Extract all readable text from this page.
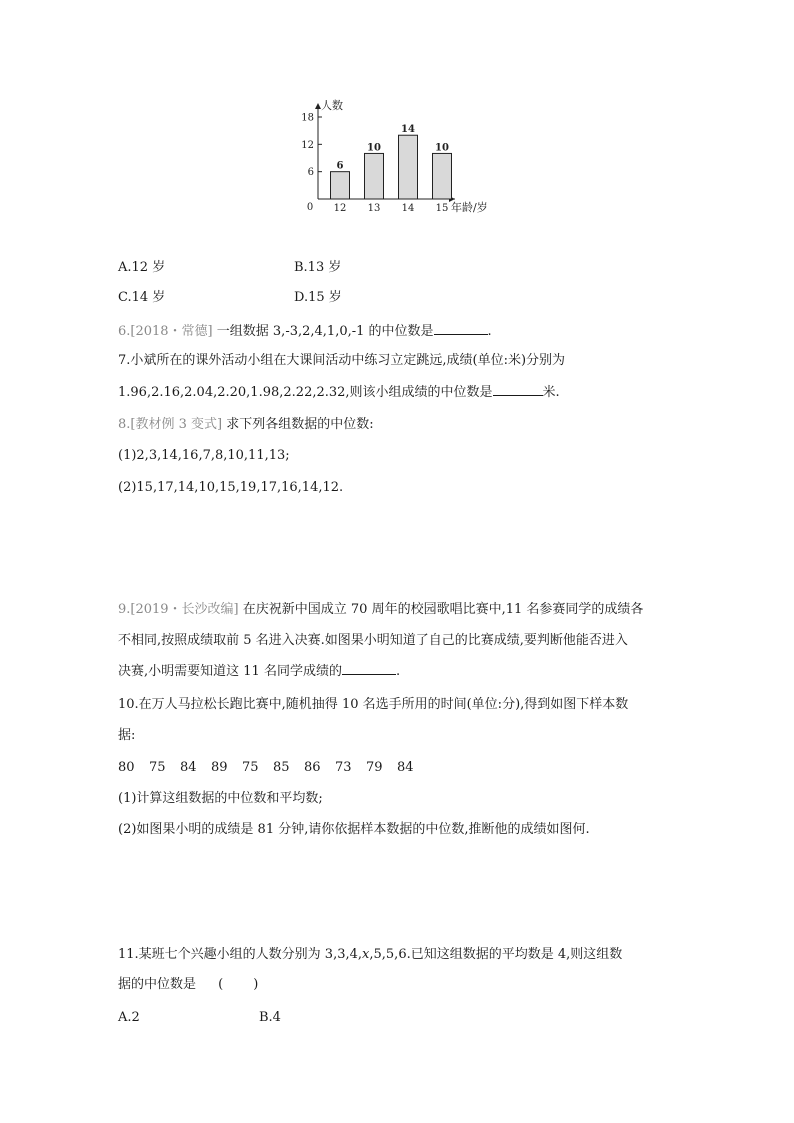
人数
年龄/岁
0
18
12
6
6
12
10
13
14
14
10
15
A.12 岁	B.13 岁
C.14 岁	D.15 岁
6.[2018・常德] 一组数据 3,-3,2,4,1,0,-1 的中位数是	.
7.小斌所在的课外活动小组在大课间活动中练习立定跳远,成绩(单位:米)分别为
1.96,2.16,2.04,2.20,1.98,2.22,2.32,则该小组成绩的中位数是	米.
8.[教材例 3 变式] 求下列各组数据的中位数:
(1)2,3,14,16,7,8,10,11,13;
(2)15,17,14,10,15,19,17,16,14,12.
9.[2019・长沙改编] 在庆祝新中国成立 70 周年的校园歌唱比赛中,11 名参赛同学的成绩各
不相同,按照成绩取前 5 名进入决赛.如图果小明知道了自己的比赛成绩,要判断他能否进入
决赛,小明需要知道这 11 名同学成绩的	.
10.在万人马拉松长跑比赛中,随机抽得 10 名选手所用的时间(单位:分),得到如图下样本数
据:
80 75 84 89 75 85 86 73 79 84
(1)计算这组数据的中位数和平均数;
(2)如图果小明的成绩是 81 分钟,请你依据样本数据的中位数,推断他的成绩如图何.
11.某班七个兴趣小组的人数分别为 3,3,4,x,5,5,6.已知这组数据的平均数是 4,则这组数
据的中位数是 ( )
A.2	B.4
